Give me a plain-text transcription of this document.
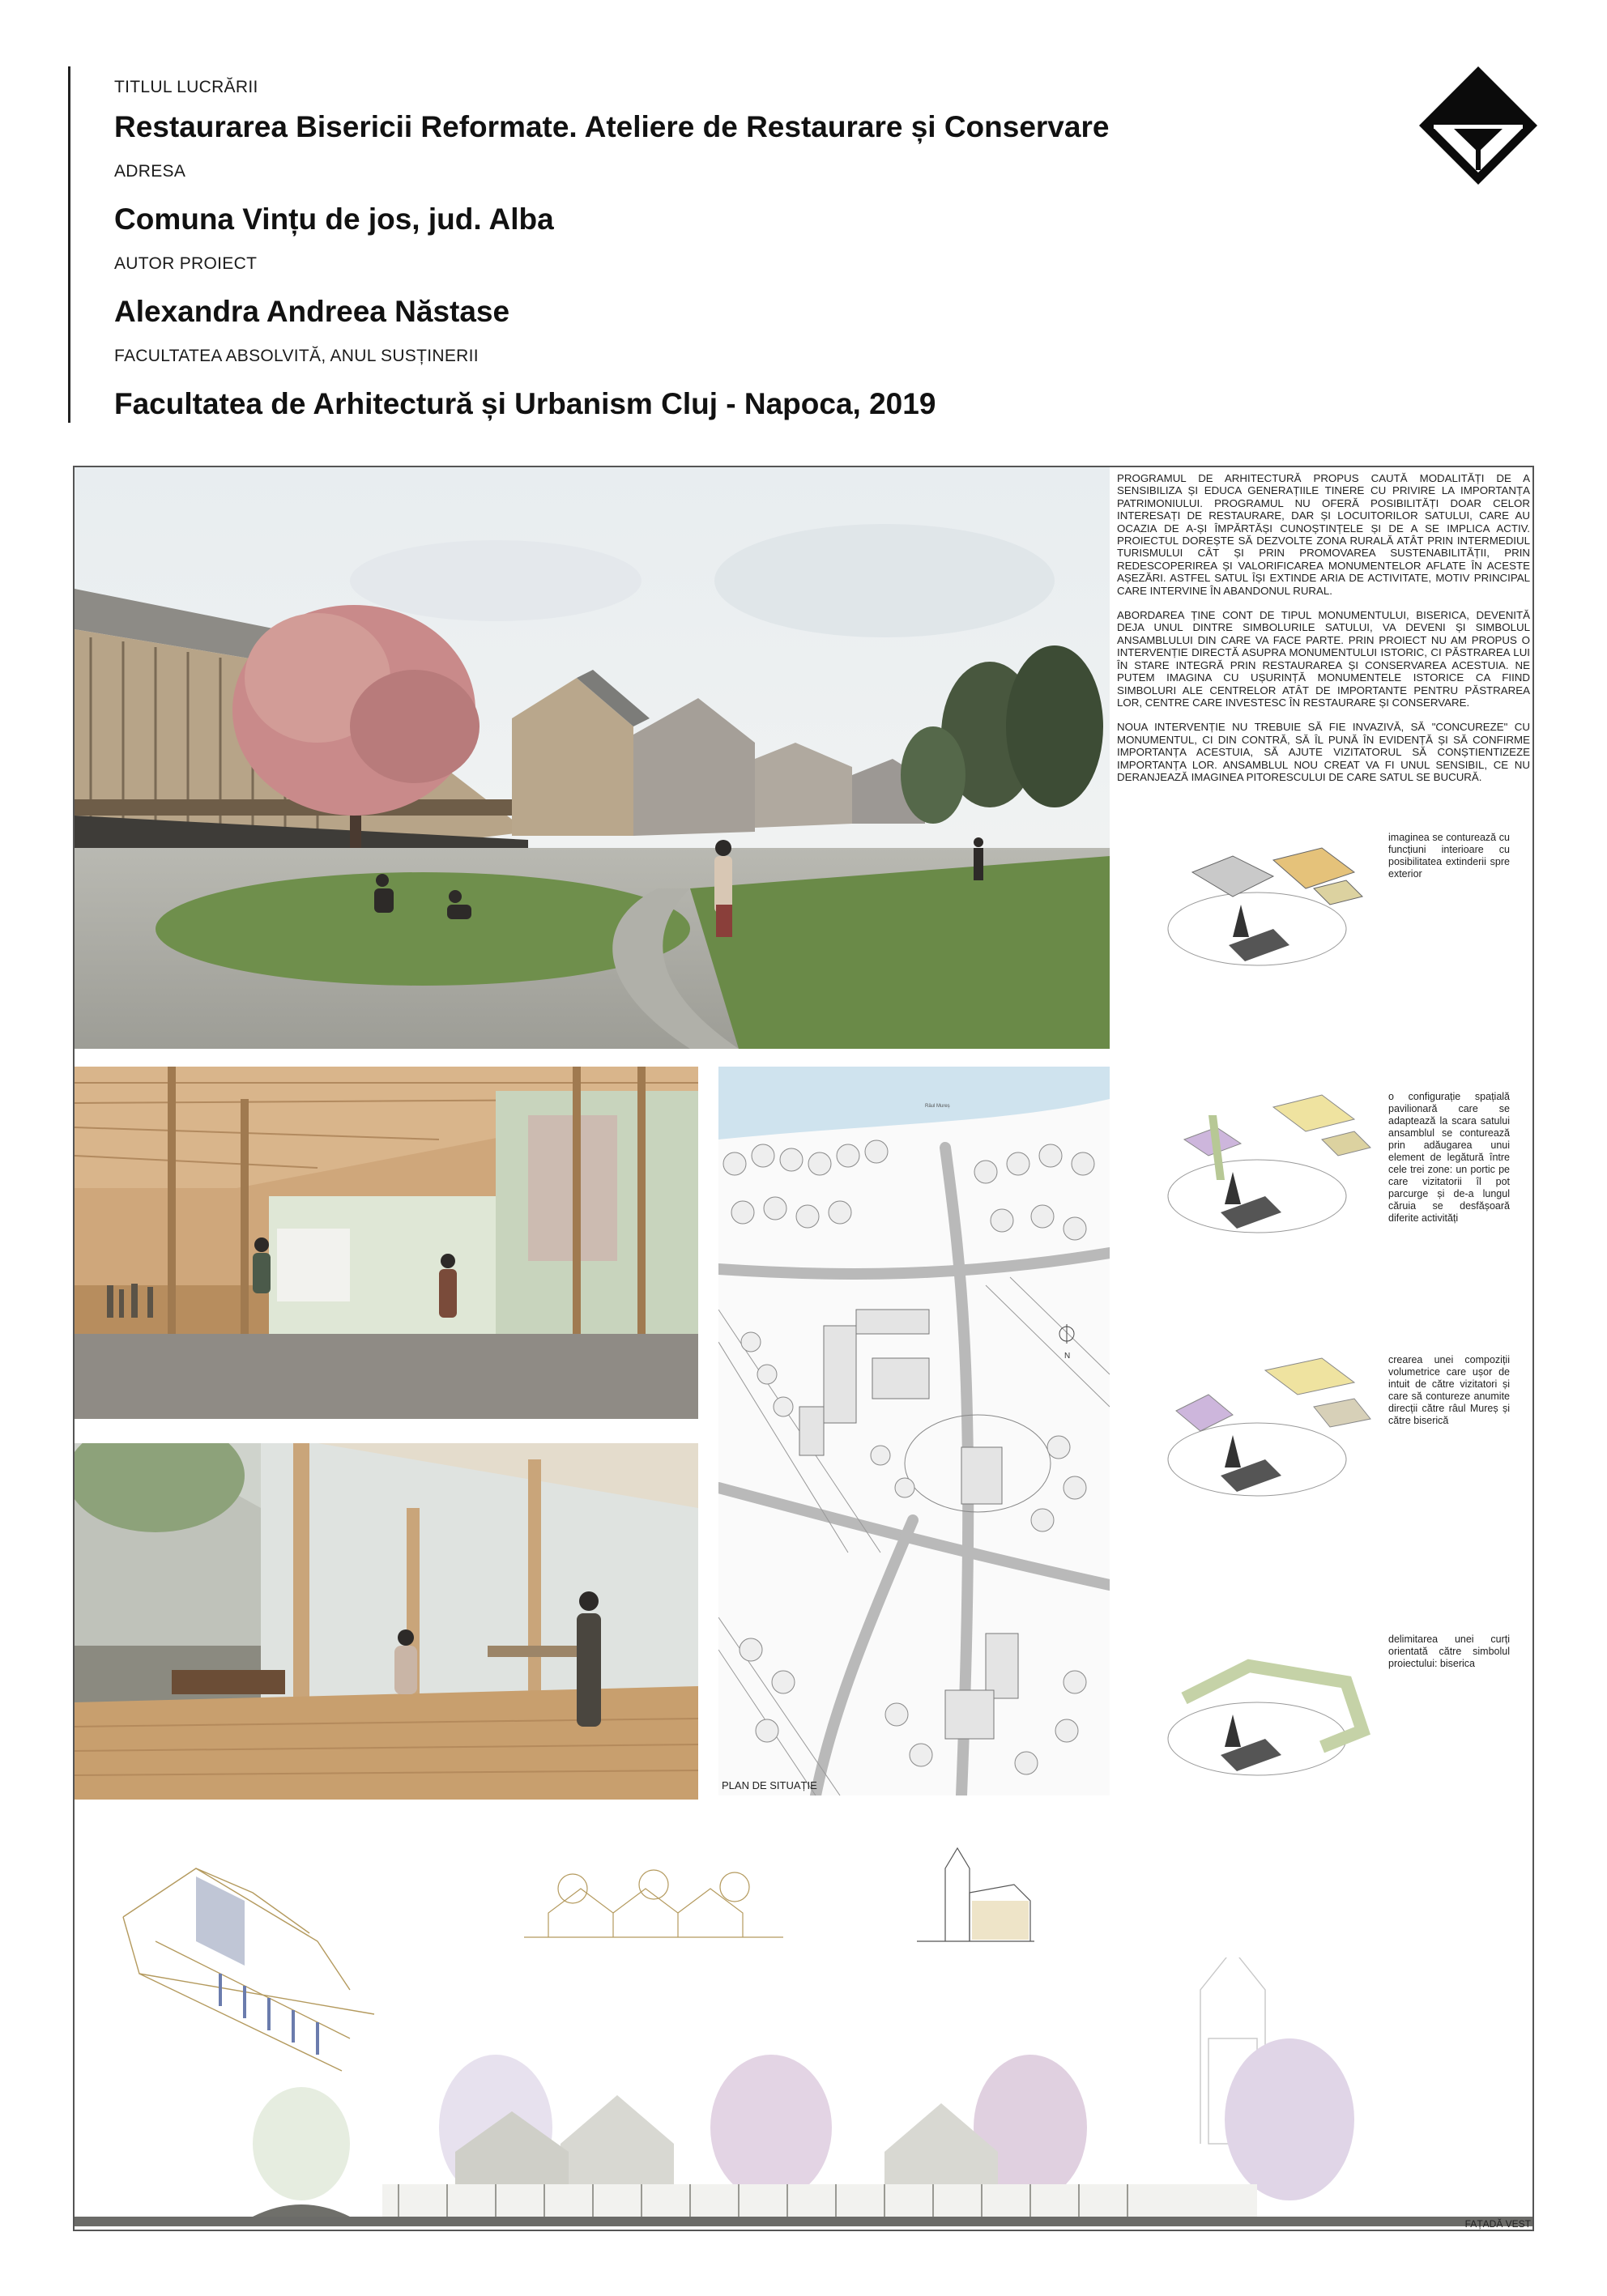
TITLUL LUCRĂRII
Restaurarea Bisericii Reformate. Ateliere de Restaurare și Conservare
ADRESA
Comuna Vințu de jos, jud. Alba
AUTOR PROIECT
Alexandra Andreea Năstase
FACULTATEA ABSOLVITĂ, ANUL SUSȚINERII
Facultatea de Arhitectură și Urbanism Cluj - Napoca, 2019

PROGRAMUL DE ARHITECTURĂ PROPUS CAUTĂ MODALITĂȚI DE A SENSIBILIZA ȘI EDUCA GENERAȚIILE TINERE CU PRIVIRE LA IMPORTANȚA PATRIMONIULUI. PROGRAMUL NU OFERĂ POSIBILITĂȚI DOAR CELOR INTERESAȚI DE RESTAURARE, DAR ȘI LOCUITORILOR SATULUI, CARE AU OCAZIA DE A-ȘI ÎMPĂRTĂȘI CUNOȘTINȚELE ȘI DE A SE IMPLICA ACTIV. PROIECTUL DOREȘTE SĂ DEZVOLTE ZONA RURALĂ ATÂT PRIN INTERMEDIUL TURISMULUI CÂT ȘI PRIN PROMOVAREA SUSTENABILITĂȚII, PRIN REDESCOPERIREA ȘI VALORIFICAREA MONUMENTELOR AFLATE ÎN ACESTE AȘEZĂRI. ASTFEL SATUL ÎȘI EXTINDE ARIA DE ACTIVITATE, MOTIV PRINCIPAL CARE INTERVINE ÎN ABANDONUL RURAL.

ABORDAREA ȚINE CONT DE TIPUL MONUMENTULUI, BISERICA, DEVENITĂ DEJA UNUL DINTRE SIMBOLURILE SATULUI, VA DEVENI ȘI SIMBOLUL ANSAMBLULUI DIN CARE VA FACE PARTE. PRIN PROIECT NU AM PROPUS O INTERVENȚIE DIRECTĂ ASUPRA MONUMENTULUI ISTORIC, CI PĂSTRAREA LUI ÎN STARE INTEGRĂ PRIN RESTAURAREA ȘI CONSERVAREA ACESTUIA. NE PUTEM IMAGINA CU UȘURINȚĂ MONUMENTELE ISTORICE CA FIIND SIMBOLURI ALE CENTRELOR ATÂT DE IMPORTANTE PENTRU PĂSTRAREA LOR, CENTRE CARE INVESTESC ÎN RESTAURARE ȘI CONSERVARE.

NOUA INTERVENȚIE NU TREBUIE SĂ FIE INVAZIVĂ, SĂ "CONCUREZE" CU MONUMENTUL, CI DIN CONTRĂ, SĂ ÎL PUNĂ ÎN EVIDENȚĂ ȘI SĂ CONFIRME IMPORTANȚA ACESTUIA, SĂ AJUTE VIZITATORUL SĂ CONȘTIENTIZEZE IMPORTANȚA LOR. ANSAMBLUL NOU CREAT VA FI UNUL SENSIBIL, CE NU DERANJEAZĂ IMAGINEA PITORESCULUI DE CARE SATUL SE BUCURĂ.

imaginea se conturează cu funcțiuni interioare cu posibilitatea extinderii spre exterior
o configurație spațială pavilionară care se adaptează la scara satului ansamblul se conturează prin adăugarea unui element de legătură între cele trei zone: un portic pe care vizitatorii îl pot parcurge și de-a lungul căruia se desfășoară diferite activități
crearea unei compoziții volumetrice care ușor de intuit de către vizitatori și care să contureze anumite direcții către râul Mureș și către biserică
delimitarea unei curți orientată către simbolul proiectului: biserica
Râul Mureș
N
PLAN DE SITUAȚIE
FAȚADĂ VEST
